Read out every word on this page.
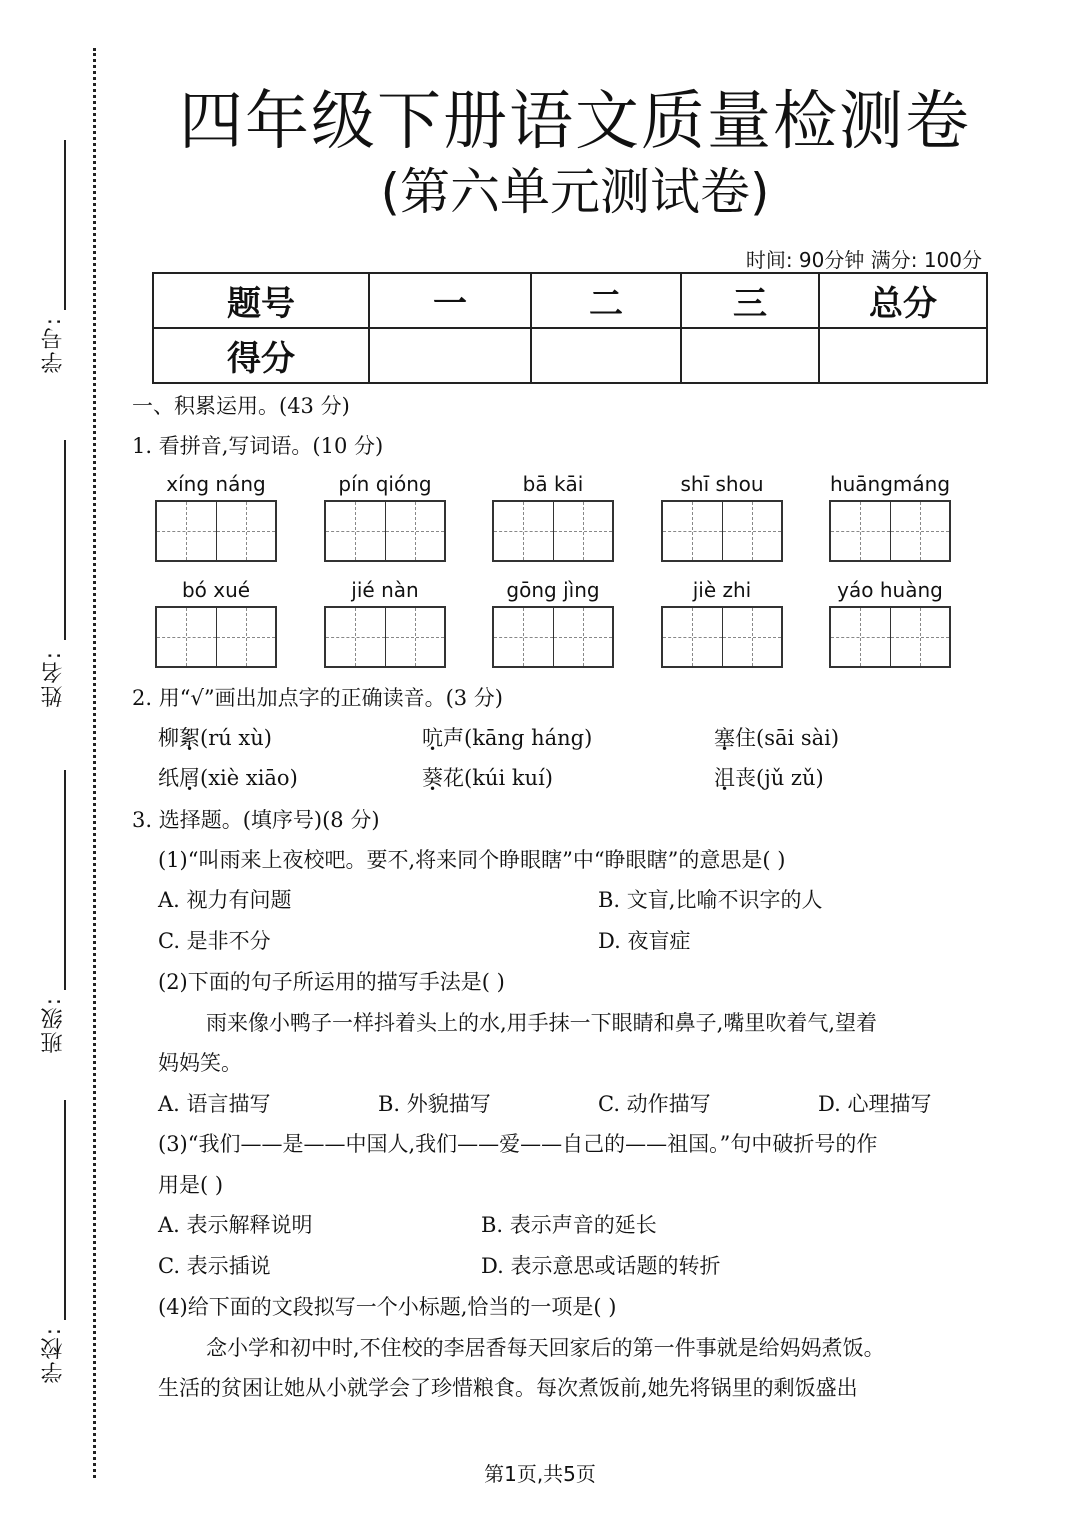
学号:
姓名:
班级:
学校:
四年级下册语文质量检测卷
(第六单元测试卷)
时间: 90分钟 满分: 100分
题号	一	二	三	总分
得分				
一、积累运用。(43 分)
1. 看拼音,写词语。(10 分)
xíng náng	pín qióng	bā kāi	shī shou	huāngmáng
bó xué	jié nàn	gōng jìng	jiè zhi	yáo huàng
2. 用“√”画出加点字的正确读音。(3 分)
柳絮(rú xù)	吭声(kāng háng)	塞住(sāi sài)
纸屑(xiè xiāo)	葵花(kúi kuí)	沮丧(jǔ zǔ)
3. 选择题。(填序号)(8 分)
(1)“叫雨来上夜校吧。要不,将来同个睁眼瞎”中“睁眼瞎”的意思是( )
A. 视力有问题	B. 文盲,比喻不识字的人
C. 是非不分	D. 夜盲症
(2)下面的句子所运用的描写手法是( )
雨来像小鸭子一样抖着头上的水,用手抹一下眼睛和鼻子,嘴里吹着气,望着
妈妈笑。
A. 语言描写	B. 外貌描写	C. 动作描写	D. 心理描写
(3)“我们——是——中国人,我们——爱——自己的——祖国。”句中破折号的作
用是( )
A. 表示解释说明	B. 表示声音的延长
C. 表示插说	D. 表示意思或话题的转折
(4)给下面的文段拟写一个小标题,恰当的一项是( )
念小学和初中时,不住校的李居香每天回家后的第一件事就是给妈妈煮饭。
生活的贫困让她从小就学会了珍惜粮食。每次煮饭前,她先将锅里的剩饭盛出
第1页,共5页
